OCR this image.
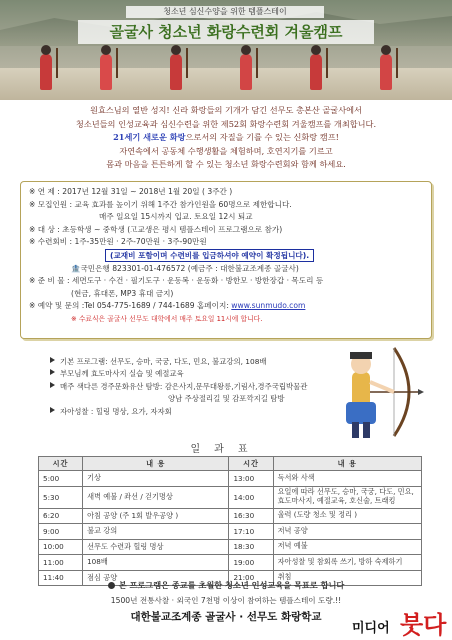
청소년 심신수양을 위한 템플스테이
골굴사 청소년 화랑수련회 겨울캠프
원효스님의 열반 성지! 신라 화랑들의 기개가 담긴 선무도 총본산 골굴사에서
청소년들의 인성교육과 심신수련을 위한 제52회 화랑수련회 겨울캠프를 개최합니다.
21세기 새로운 화랑으로서의 자질을 기를 수 있는 신화랑 캠프!
자연속에서 공동체 수행생활을 체험하며, 호연지기를 기르고
몸과 마음을 튼튼하게 할 수 있는 청소년 화랑수련회와 함께 하세요.
※ 연 제 : 2017년 12월 31일 ~ 2018년 1월 20일 ( 3주간 )
※ 모집인원 : 교육 효과를 높이기 위해 1주간 참가인원을 60명으로 제한합니다.
매주 일요일 15시까지 입교. 토요일 12시 퇴교
※ 대 상 : 초등학생 ~ 중학생 (고교생은 평시 템플스테이 프로그램으로 참가)
※ 수련회비 : 1주-35만원 · 2주-70만원 · 3주-90만원
(교재비 포함이며 수련비를 입금하셔야 예약이 확정됩니다).
🏦국민은행 823301-01-476572 (예금주 : 대한불교조계종 골굴사)
※ 준 비 물 : 세면도구 · 수건 · 필기도구 · 운동복 · 운동화 · 방한모 · 방한장갑 · 목도리 등
(현금, 휴대폰, MP3 휴대 금지)
※ 예약 및 문의 :Tel 054-775-1689 / 744-1689 홈페이지: www.sunmudo.com
※ 수료식은 골굴사 선무도 대학에서 매주 토요일 11시에 합니다.
기본 프로그램: 선무도, 승마, 국궁, 다도, 민요, 불교강의, 108배
부모님께 효도마사지 실습 및 예절교육
매주 색다른 경주문화유산 탐방: 감은사지,문무대왕릉,기림사,경주국립박물관
양남 주상절리길 및 감포깍지길 탐방
자아성찰 : 힐링 명상, 요가, 자자회
일과표
시간	내 용	시간	내 용
5:00	기상	13:00	독서와 사색
5:30	새벽 예불 / 좌선 / 걷기명상	14:00	요일에 따라 선무도, 승마, 국궁, 다도, 민요, 효도마사지, 예절교육, 호신술, 트래킹
6:20	아침 공양 (주 1회 발우공양 )	16:30	울력 (도량 청소 및 정리 )
9:00	불교 강의	17:10	저녁 공양
10:00	선무도 수련과 힐링 명상	18:30	저녁 예불
11:00	108배	19:00	자아성찰 및 참회록 쓰기, 방하 숙제하기
11:40	점심 공양	21:00	취침
본 프로그램은 종교를 초월한 청소년 인성교육을 목표로 합니다
1500년 전통사찰 · 외국인 7천명 이상이 참여하는 템플스테이 도량.!!
대한불교조계종 골굴사 · 선무도 화랑학교
미디어 붓다
